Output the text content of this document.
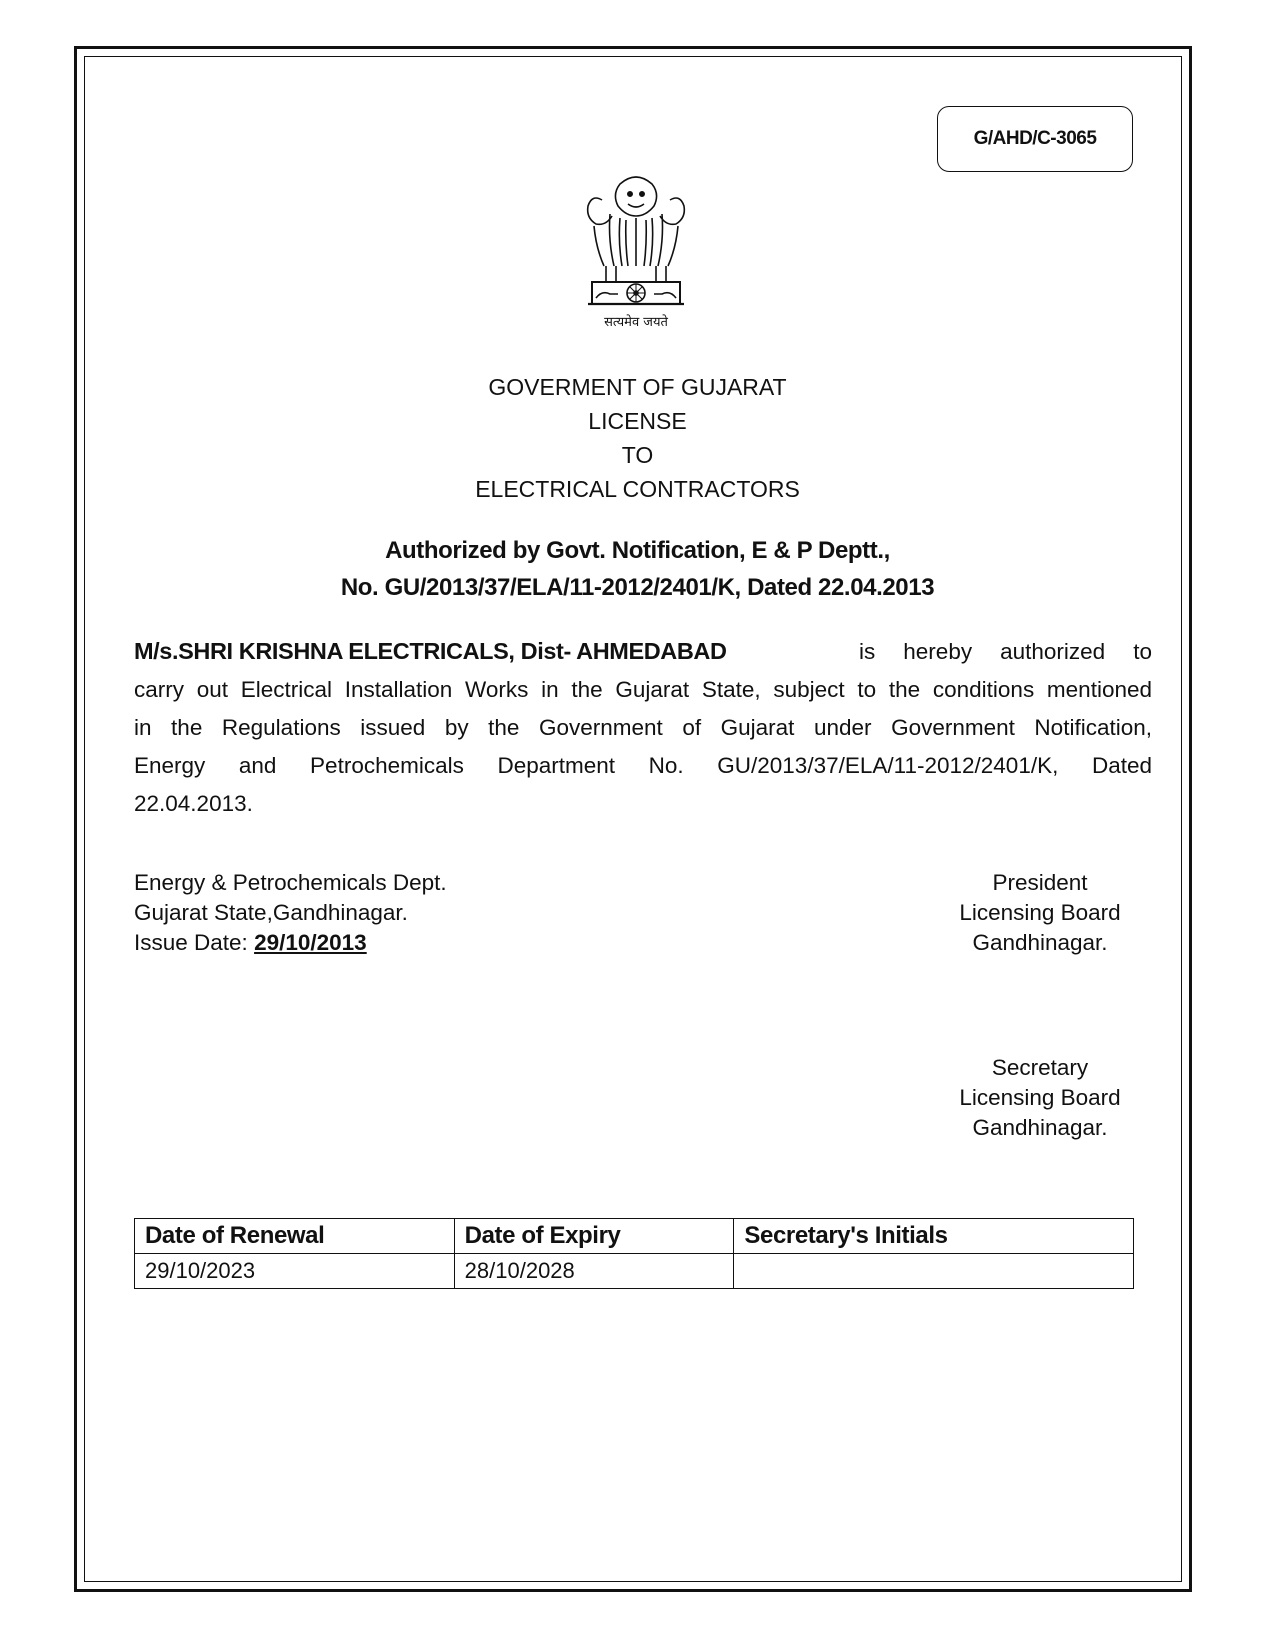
G/AHD/C-3065
सत्यमेव जयते
GOVERMENT OF GUJARAT
LICENSE
TO
ELECTRICAL CONTRACTORS
Authorized by Govt. Notification, E & P Deptt.,
No. GU/2013/37/ELA/11-2012/2401/K, Dated 22.04.2013
M/s.SHRI KRISHNA ELECTRICALS, Dist- AHMEDABAD	is hereby authorized to
carry out Electrical Installation Works in the Gujarat State, subject to the conditions mentioned
in the Regulations issued by the Government of Gujarat under Government Notification,
Energy and Petrochemicals Department No. GU/2013/37/ELA/11-2012/2401/K, Dated
22.04.2013.
Energy & Petrochemicals Dept.
Gujarat State,Gandhinagar.
Issue Date: 29/10/2013
President
Licensing Board
Gandhinagar.
Secretary
Licensing Board
Gandhinagar.
Date of Renewal	Date of Expiry	Secretary's Initials
29/10/2023	28/10/2028	
